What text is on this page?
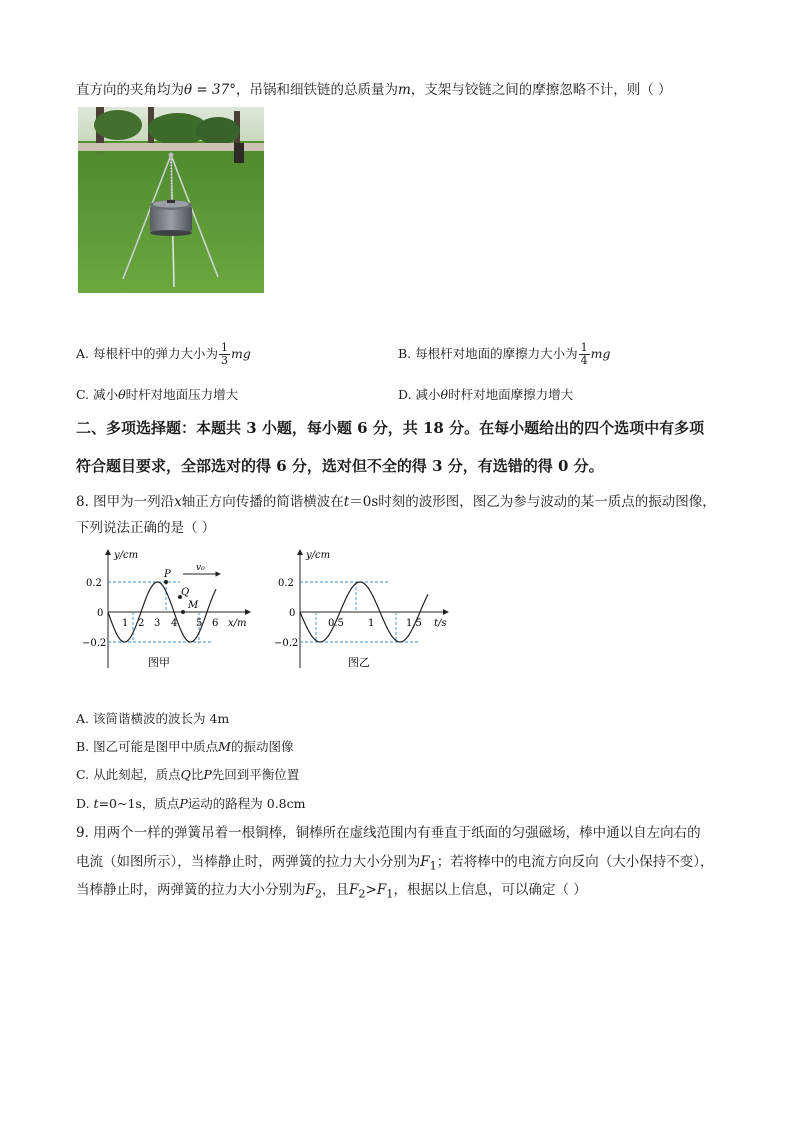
直方向的夹角均为θ = 37°，吊锅和细铁链的总质量为m，支架与铰链之间的摩擦忽略不计，则（ ）
A. 每根杆中的弹力大小为 $\frac{1}{3}$ mg	B. 每根杆对地面的摩擦力大小为 $\frac{1}{4}$ mg
C. 减小θ时杆对地面压力增大	D. 减小θ时杆对地面摩擦力增大
二、多项选择题：本题共 3 小题，每小题 6 分，共 18 分。在每小题给出的四个选项中有多项
符合题目要求，全部选对的得 6 分，选对但不全的得 3 分，有选错的得 0 分。
8. 图甲为一列沿x轴正方向传播的简谐横波在t＝0s时刻的波形图，图乙为参与波动的某一质点的振动图像，
下列说法正确的是（ ）
P
Q
M
v₀
y/cm
x/m
0.2
0
−0.2
1 2 3 4 5 6
图甲
y/cm
t/s
0.2
0
−0.2
0.5 1	1.5
图乙
A. 该简谐横波的波长为 4m
B. 图乙可能是图甲中质点M的振动图像
C. 从此刻起，质点Q比P先回到平衡位置
D. t=0~1s，质点P运动的路程为 0.8cm
9. 用两个一样的弹簧吊着一根铜棒，铜棒所在虚线范围内有垂直于纸面的匀强磁场，棒中通以自左向右的
电流（如图所示），当棒静止时，两弹簧的拉力大小分别为$F_1$；若将棒中的电流方向反向（大小保持不变），
当棒静止时，两弹簧的拉力大小分别为$F_2$，且$F_2>F_1$，根据以上信息，可以确定（ ）
